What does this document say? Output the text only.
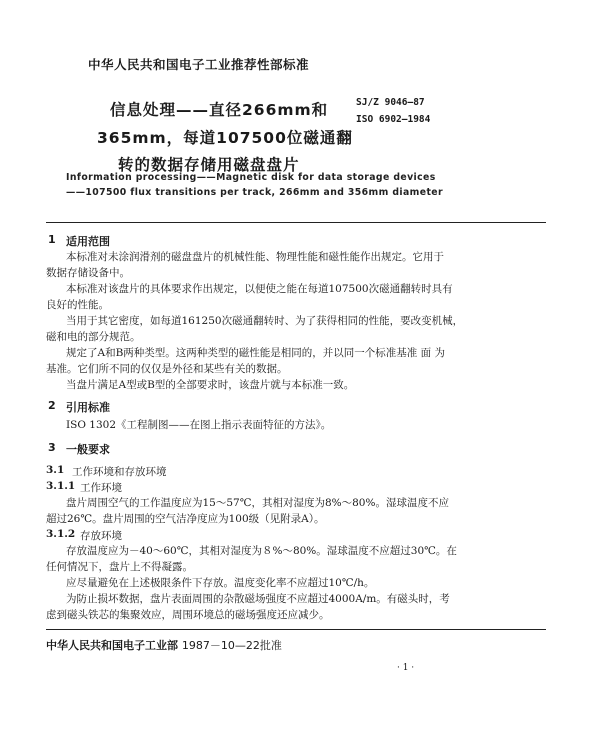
中华人民共和国电子工业推荐性部标准
SJ/Z 9046—87
ISO 6902—1984
信息处理——直径266mm和
365mm，每道107500位磁通翻
转的数据存储用磁盘盘片
Information processing——Magnetic disk for data storage devices
——107500 flux transitions per track, 266mm and 356mm diameter
1 适用范围
本标准对未涂润滑剂的磁盘盘片的机械性能、物理性能和磁性能作出规定。它用于
数据存储设备中。
本标准对该盘片的具体要求作出规定，以便使之能在每道107500次磁通翻转时具有
良好的性能。
当用于其它密度，如每道161250次磁通翻转时、为了获得相同的性能，要改变机械，
磁和电的部分规范。
规定了A和B两种类型。这两种类型的磁性能是相同的，并以同一个标准基准 面 为
基准。它们所不同的仅仅是外径和某些有关的数据。
当盘片满足A型或B型的全部要求时，该盘片就与本标准一致。
2 引用标准
ISO 1302《工程制图——在图上指示表面特征的方法》。
3 一般要求
3.1 工作环境和存放环境
3.1.1 工作环境
盘片周围空气的工作温度应为15～57℃，其相对湿度为8%～80%。湿球温度不应
超过26℃。盘片周围的空气洁净度应为100级（见附录A）。
3.1.2 存放环境
存放温度应为－40～60℃，其相对湿度为８%～80%。湿球温度不应超过30℃。在
任何情况下，盘片上不得凝露。
应尽量避免在上述极限条件下存放。温度变化率不应超过10℃/h。
为防止损坏数据，盘片表面周围的杂散磁场强度不应超过4000A/m。有磁头时，考
虑到磁头铁芯的集聚效应，周围环境总的磁场强度还应减少。
中华人民共和国电子工业部 1987－10—22批准
· 1 ·
